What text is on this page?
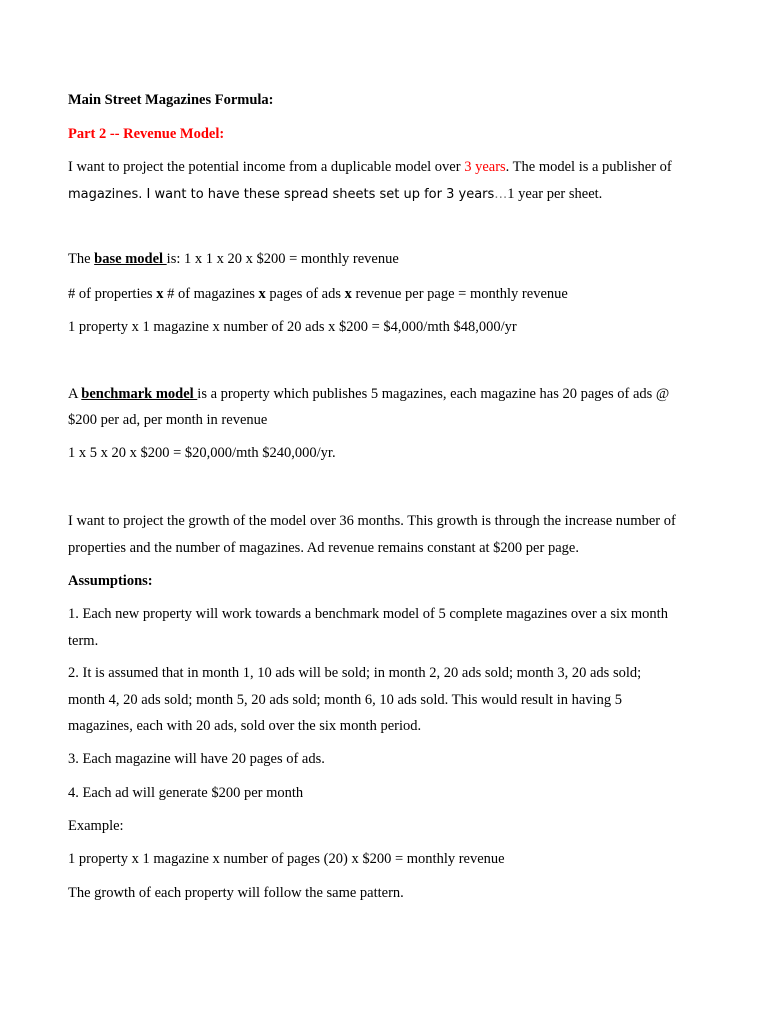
Main Street Magazines Formula:

Part 2 -- Revenue Model:

I want to project the potential income from a duplicable model over 3 years. The model is a publisher of

magazines. I want to have these spread sheets set up for 3 years…1 year per sheet.

The base model is: 1 x 1 x 20 x $200 = monthly revenue

# of properties x # of magazines x pages of ads x revenue per page = monthly revenue

1 property x 1 magazine x number of 20 ads x $200 = $4,000/mth $48,000/yr

A benchmark model is a property which publishes 5 magazines, each magazine has 20 pages of ads @

$200 per ad, per month in revenue

1 x 5 x 20 x $200 = $20,000/mth $240,000/yr.

I want to project the growth of the model over 36 months. This growth is through the increase number of

properties and the number of magazines. Ad revenue remains constant at $200 per page.

Assumptions:

1. Each new property will work towards a benchmark model of 5 complete magazines over a six month

term.

2. It is assumed that in month 1, 10 ads will be sold; in month 2, 20 ads sold; month 3, 20 ads sold;

month 4, 20 ads sold; month 5, 20 ads sold; month 6, 10 ads sold. This would result in having 5

magazines, each with 20 ads, sold over the six month period.

3. Each magazine will have 20 pages of ads.

4. Each ad will generate $200 per month

Example:

1 property x 1 magazine x number of pages (20) x $200 = monthly revenue

The growth of each property will follow the same pattern.
